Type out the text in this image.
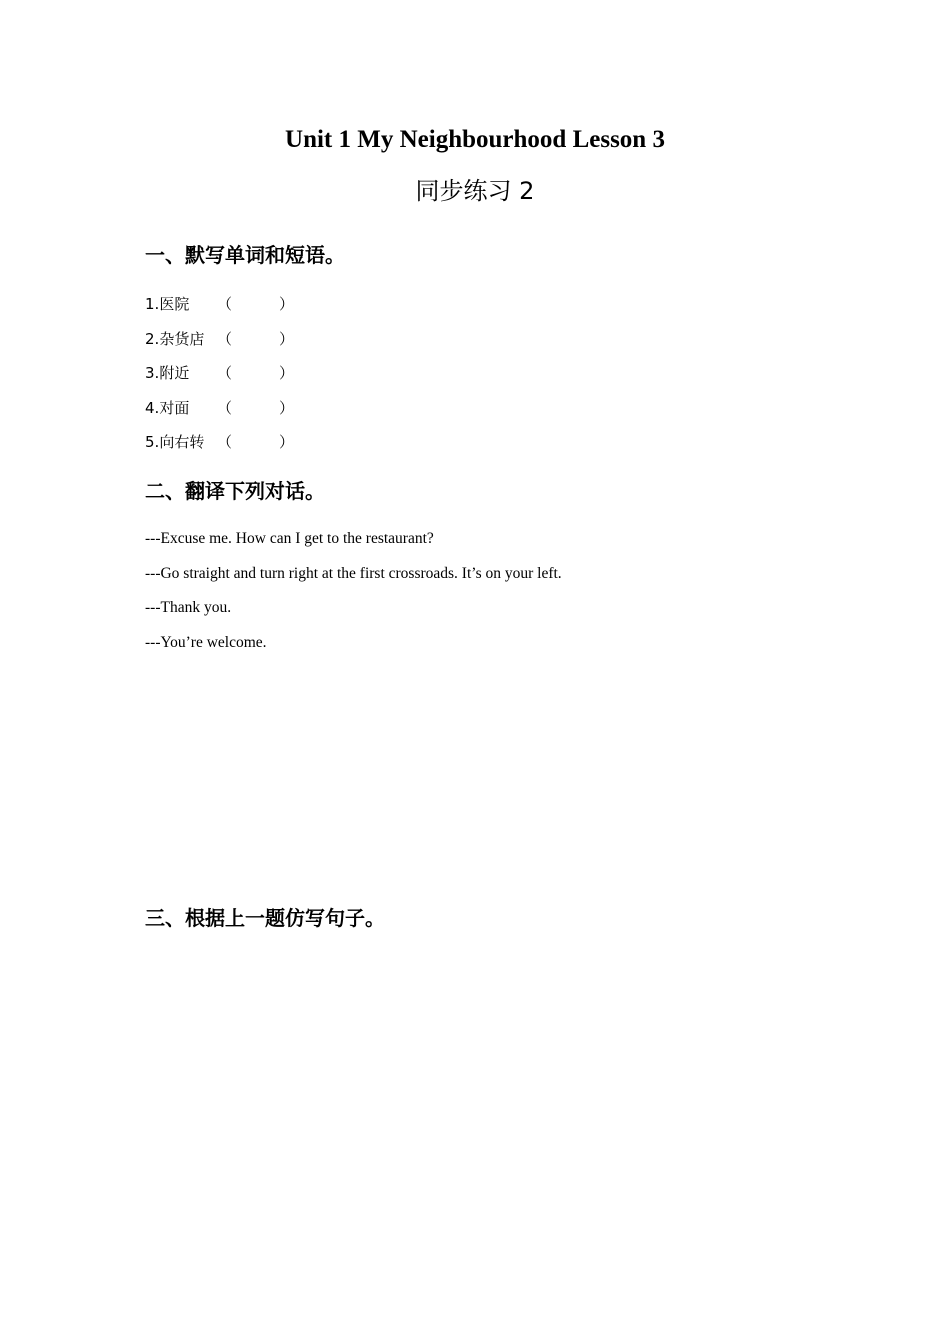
Unit 1 My Neighbourhood Lesson 3
同步练习 2
一、默写单词和短语。
1.医院 （	）
2.杂货店 （	）
3.附近 （	）
4.对面 （	）
5.向右转 （	）
二、翻译下列对话。
---Excuse me. How can I get to the restaurant?
---Go straight and turn right at the first crossroads. It’s on your left.
---Thank you.
---You’re welcome.
三、根据上一题仿写句子。
